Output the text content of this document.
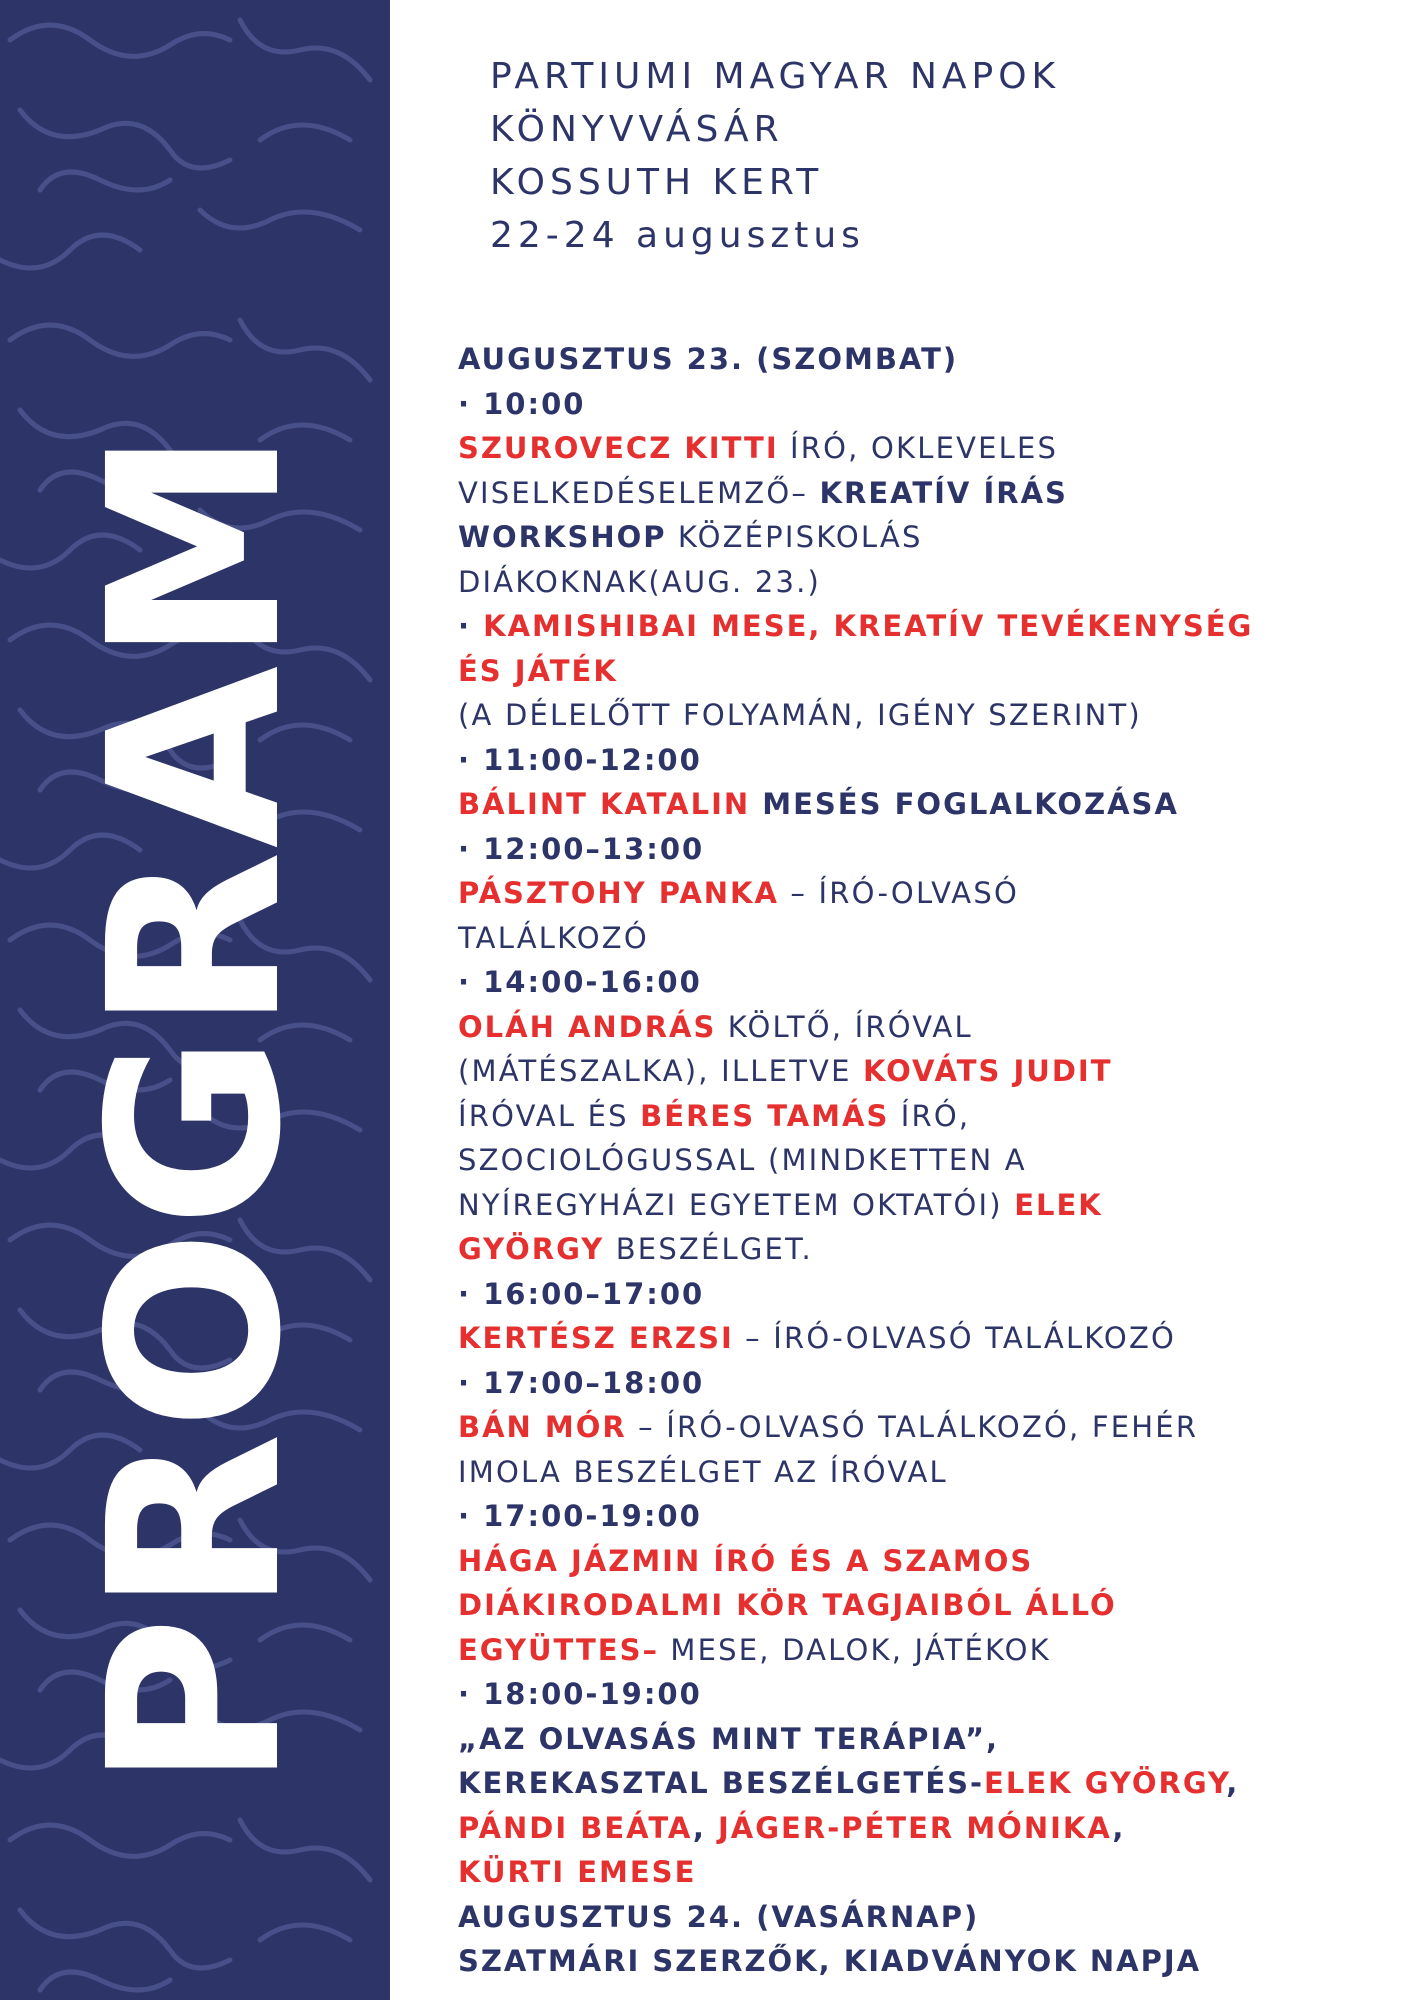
PROGRAM
PARTIUMI MAGYAR NAPOK
KÖNYVVÁSÁR
KOSSUTH KERT
22-24 augusztus
AUGUSZTUS 23. (SZOMBAT)
· 10:00
SZUROVECZ KITTI ÍRÓ, OKLEVELES
VISELKEDÉSELEMZŐ– KREATÍV ÍRÁS
WORKSHOP KÖZÉPISKOLÁS
DIÁKOKNAK(AUG. 23.)
· KAMISHIBAI MESE, KREATÍV TEVÉKENYSÉG
ÉS JÁTÉK
(A DÉLELŐTT FOLYAMÁN, IGÉNY SZERINT)
· 11:00-12:00
BÁLINT KATALIN MESÉS FOGLALKOZÁSA
· 12:00–13:00
PÁSZTOHY PANKA – ÍRÓ-OLVASÓ
TALÁLKOZÓ
· 14:00-16:00
OLÁH ANDRÁS KÖLTŐ, ÍRÓVAL
(MÁTÉSZALKA), ILLETVE KOVÁTS JUDIT
ÍRÓVAL ÉS BÉRES TAMÁS ÍRÓ,
SZOCIOLÓGUSSAL (MINDKETTEN A
NYÍREGYHÁZI EGYETEM OKTATÓI) ELEK
GYÖRGY BESZÉLGET.
· 16:00–17:00
KERTÉSZ ERZSI – ÍRÓ-OLVASÓ TALÁLKOZÓ
· 17:00–18:00
BÁN MÓR – ÍRÓ-OLVASÓ TALÁLKOZÓ, FEHÉR
IMOLA BESZÉLGET AZ ÍRÓVAL
· 17:00-19:00
HÁGA JÁZMIN ÍRÓ ÉS A SZAMOS
DIÁKIRODALMI KÖR TAGJAIBÓL ÁLLÓ
EGYÜTTES– MESE, DALOK, JÁTÉKOK
· 18:00-19:00
„AZ OLVASÁS MINT TERÁPIA”,
KEREKASZTAL BESZÉLGETÉS-ELEK GYÖRGY,
PÁNDI BEÁTA, JÁGER-PÉTER MÓNIKA,
KÜRTI EMESE
AUGUSZTUS 24. (VASÁRNAP)
SZATMÁRI SZERZŐK, KIADVÁNYOK NAPJA
